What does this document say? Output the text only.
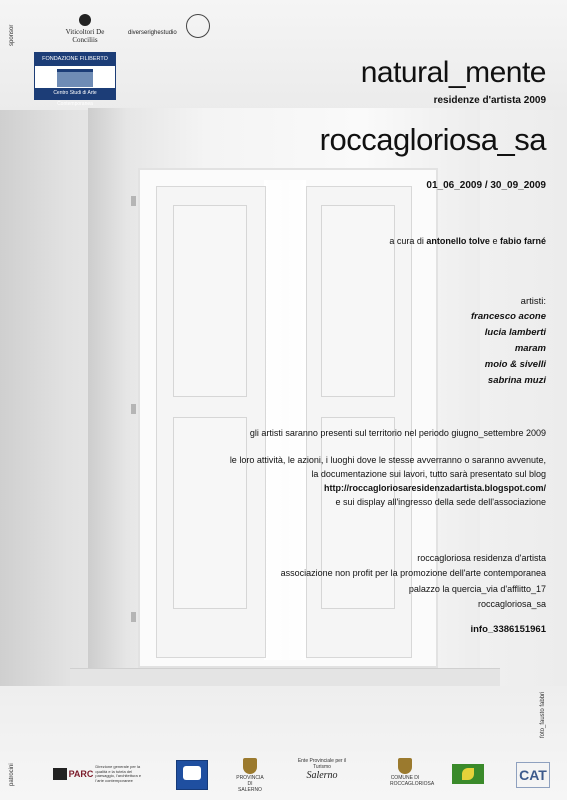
sponsor
patrocini
foto_fausto fabbri
Viticoltori De Conciliis
diverserighestudio
FONDAZIONE FILIBERTO
Centro Studi di Arte Contemporanea
natural_mente
residenze d'artista 2009
roccagloriosa_sa
01_06_2009 / 30_09_2009
a cura di antonello tolve e fabio farné
artisti:
francesco acone
lucia lamberti
maram
moio & sivelli
sabrina muzi
gli artisti saranno presenti sul territorio nel periodo giugno_settembre 2009
le loro attività, le azioni, i luoghi dove le stesse avverranno o saranno avvenute,
la documentazione sui lavori, tutto sarà presentato sul blog
http://roccagloriosaresidenzadartista.blogspot.com/
e sui display all'ingresso della sede dell'associazione
roccagloriosa residenza d'artista
associazione non profit per la promozione dell'arte contemporanea
palazzo la quercia_via d'afflitto_17
roccagloriosa_sa
info_3386151961
PARCDirezione generale per la qualità e la tutela del paesaggio, l'architettura e l'arte contemporanee	PROVINCIA DI SALERNO
Ente Provinciale per il Turismo
Salerno	COMUNE DI ROCCAGLORIOSA
CAT
